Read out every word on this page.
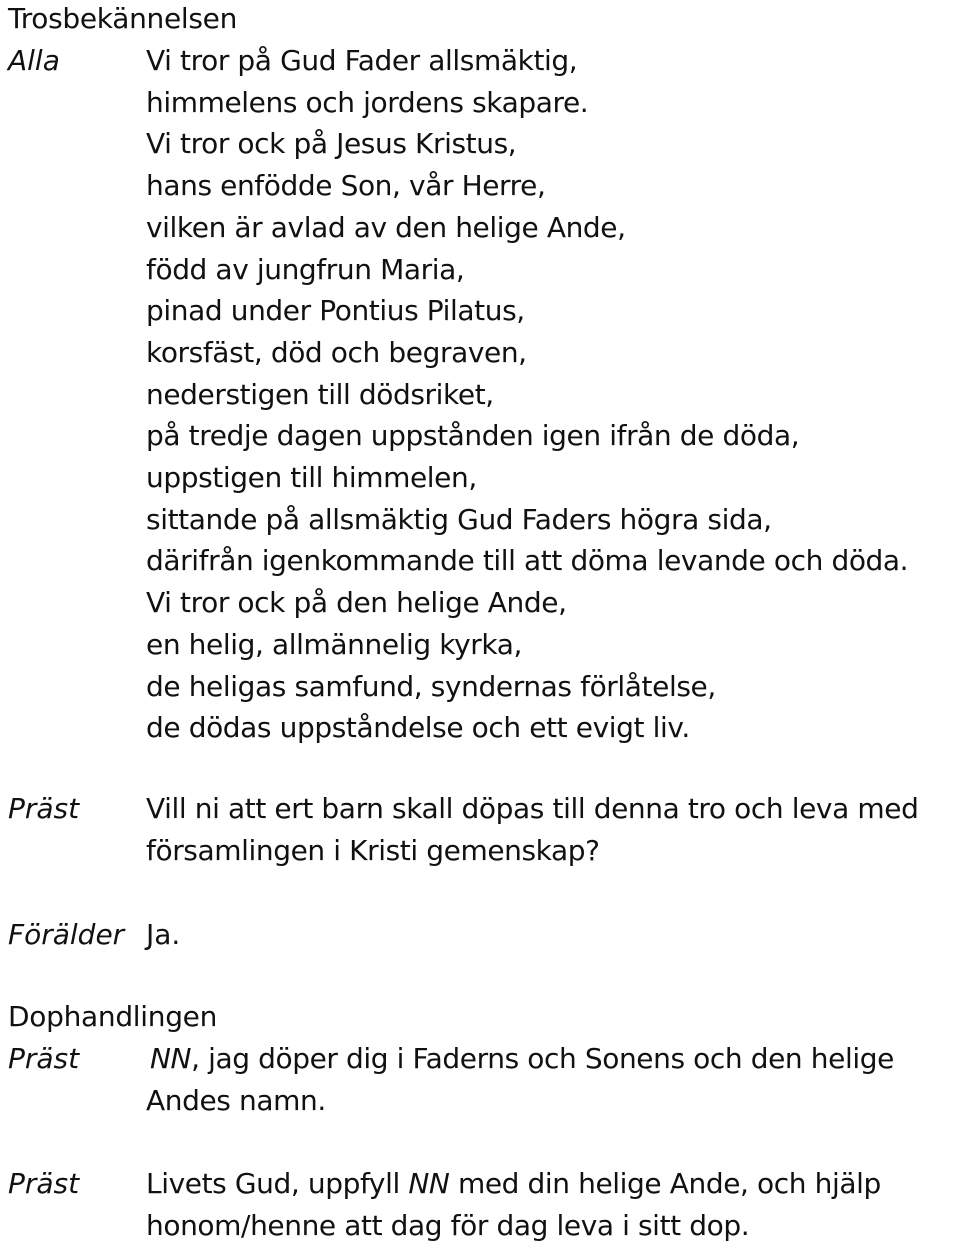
Trosbekännelsen
Alla	Vi tror på Gud Fader allsmäktig,
himmelens och jordens skapare.
Vi tror ock på Jesus Kristus,
hans enfödde Son, vår Herre,
vilken är avlad av den helige Ande,
född av jungfrun Maria,
pinad under Pontius Pilatus,
korsfäst, död och begraven,
nederstigen till dödsriket,
på tredje dagen uppstånden igen ifrån de döda,
uppstigen till himmelen,
sittande på allsmäktig Gud Faders högra sida,
därifrån igenkommande till att döma levande och döda.
Vi tror ock på den helige Ande,
en helig, allmännelig kyrka,
de heligas samfund, syndernas förlåtelse,
de dödas uppståndelse och ett evigt liv.
Präst Vill ni att ert barn skall döpas till denna tro och leva med
församlingen i Kristi gemenskap?
Förälder Ja.
Dophandlingen
Präst	NN, jag döper dig i Faderns och Sonens och den helige
Andes namn.
Präst Livets Gud, uppfyll NN med din helige Ande, och hjälp
honom/henne att dag för dag leva i sitt dop.
